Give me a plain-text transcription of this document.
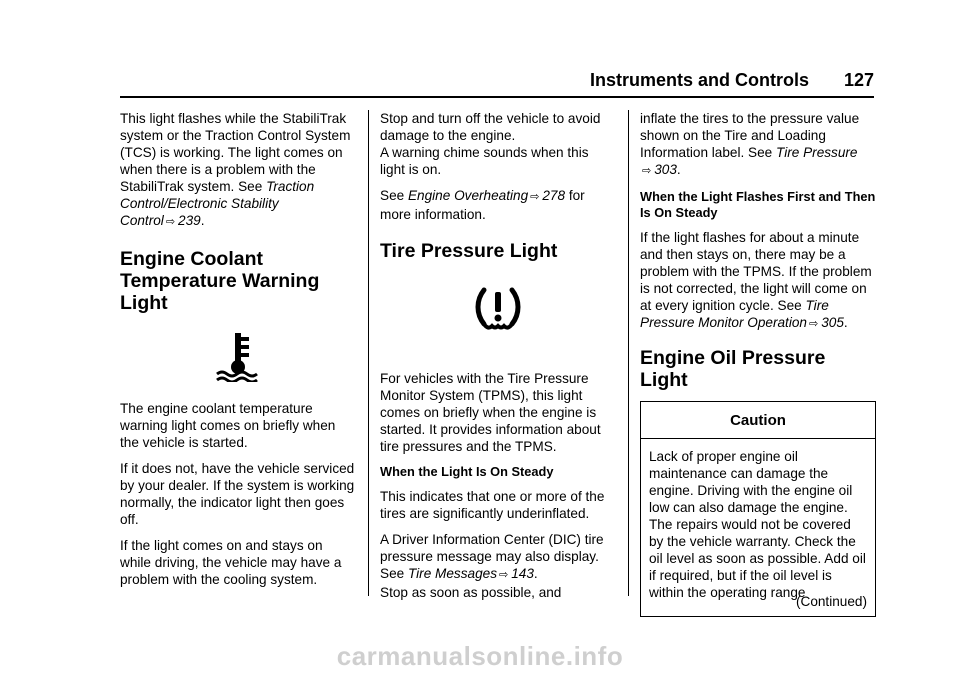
Instruments and Controls 127

This light flashes while the StabiliTrak system or the Traction Control System (TCS) is working. The light comes on when there is a problem with the StabiliTrak system. See Traction Control/Electronic Stability Control ⇨ 239.

Engine Coolant Temperature Warning Light

The engine coolant temperature warning light comes on briefly when the vehicle is started.

If it does not, have the vehicle serviced by your dealer. If the system is working normally, the indicator light then goes off.

If the light comes on and stays on while driving, the vehicle may have a problem with the cooling system.

Stop and turn off the vehicle to avoid damage to the engine.

A warning chime sounds when this light is on.

See Engine Overheating ⇨ 278 for more information.

Tire Pressure Light

For vehicles with the Tire Pressure Monitor System (TPMS), this light comes on briefly when the engine is started. It provides information about tire pressures and the TPMS.

When the Light Is On Steady

This indicates that one or more of the tires are significantly underinflated.

A Driver Information Center (DIC) tire pressure message may also display. See Tire Messages ⇨ 143.
Stop as soon as possible, and

inflate the tires to the pressure value shown on the Tire and Loading Information label. See Tire Pressure
⇨ 303.

When the Light Flashes First and Then Is On Steady

If the light flashes for about a minute and then stays on, there may be a problem with the TPMS. If the problem is not corrected, the light will come on at every ignition cycle. See Tire Pressure Monitor Operation ⇨ 305.

Engine Oil Pressure Light
Caution
Lack of proper engine oil maintenance can damage the engine. Driving with the engine oil low can also damage the engine. The repairs would not be covered by the vehicle warranty. Check the oil level as soon as possible. Add oil if required, but if the oil level is within the operating range
(Continued)
carmanualsonline.info
